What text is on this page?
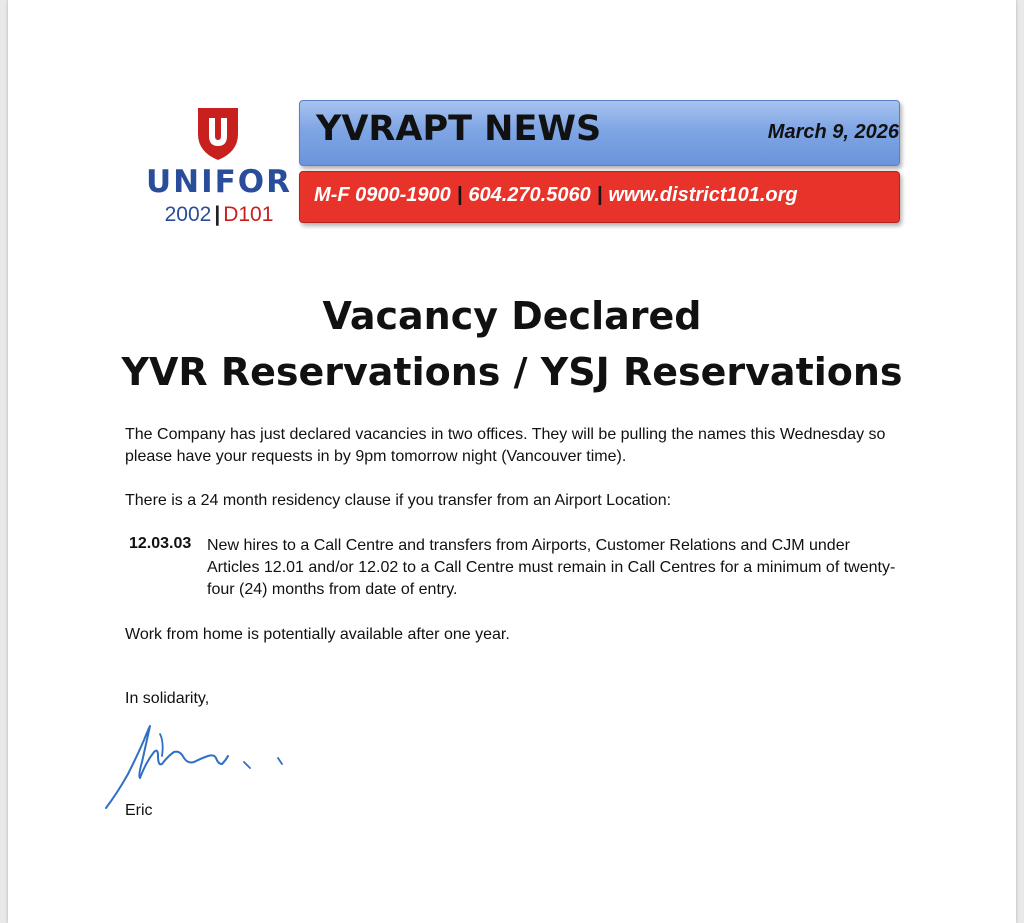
UNIFOR
2002 | D101
YVRAPT NEWS	March 9, 2026
M-F 0900-1900 | 604.270.5060 | www.district101.org
Vacancy Declared
YVR Reservations / YSJ Reservations
The Company has just declared vacancies in two offices. They will be pulling the names this Wednesday so please have your requests in by 9pm tomorrow night (Vancouver time).
There is a 24 month residency clause if you transfer from an Airport Location:
12.03.03 New hires to a Call Centre and transfers from Airports, Customer Relations and CJM under Articles 12.01 and/or 12.02 to a Call Centre must remain in Call Centres for a minimum of twenty-four (24) months from date of entry.
Work from home is potentially available after one year.
In solidarity,
Eric
